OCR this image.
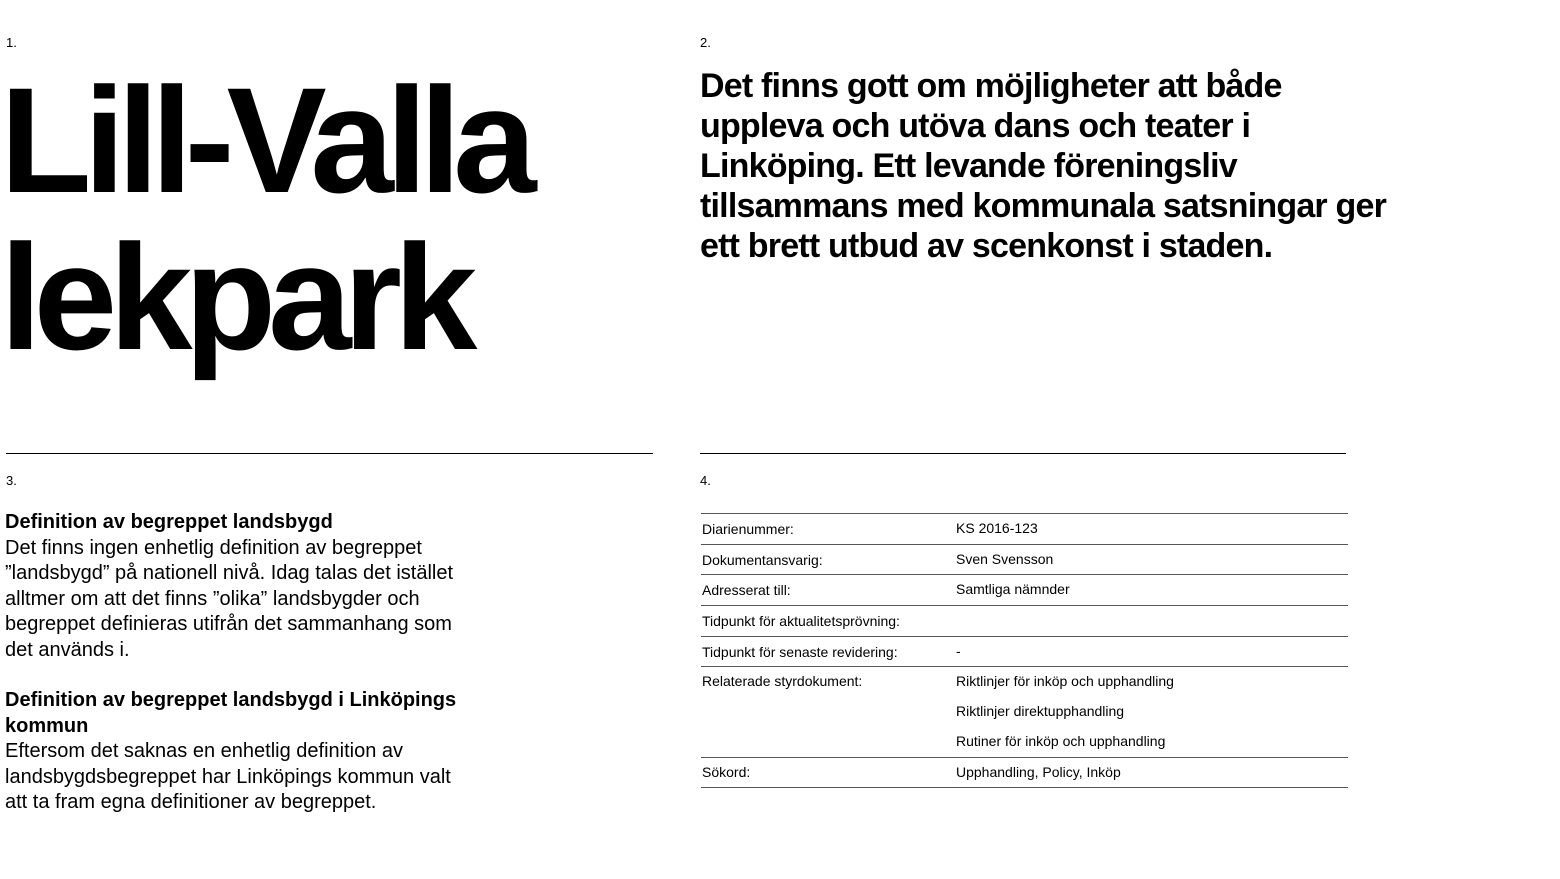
1.
Lill-Valla
lekpark
2.

Det finns gott om möjligheter att både uppleva och utöva dans och teater i Linköping. Ett levande föreningsliv tillsammans med kommunala satsningar ger ett brett utbud av scenkonst i staden.

3.
Definition av begreppet landsbygd

Det finns ingen enhetlig definition av begreppet ”landsbygd” på nationell nivå. Idag talas det istället alltmer om att det finns ”olika” landsbygder och begreppet definieras utifrån det sammanhang som det används i.

Definition av begreppet landsbygd i Linköpings kommun

Eftersom det saknas en enhetlig definition av landsbygdsbegreppet har Linköpings kommun valt att ta fram egna definitioner av begreppet.

4.
Diarienummer:	KS 2016-123

Dokumentansvarig:	Sven Svensson

Adresserat till:	Samtliga nämnder

Tidpunkt för aktualitetsprövning:	

Tidpunkt för senaste revidering:	-

Relaterade styrdokument:	Riktlinjer för inköp och upphandling
Riktlinjer direktupphandling
Rutiner för inköp och upphandling

Sökord:	Upphandling, Policy, Inköp
